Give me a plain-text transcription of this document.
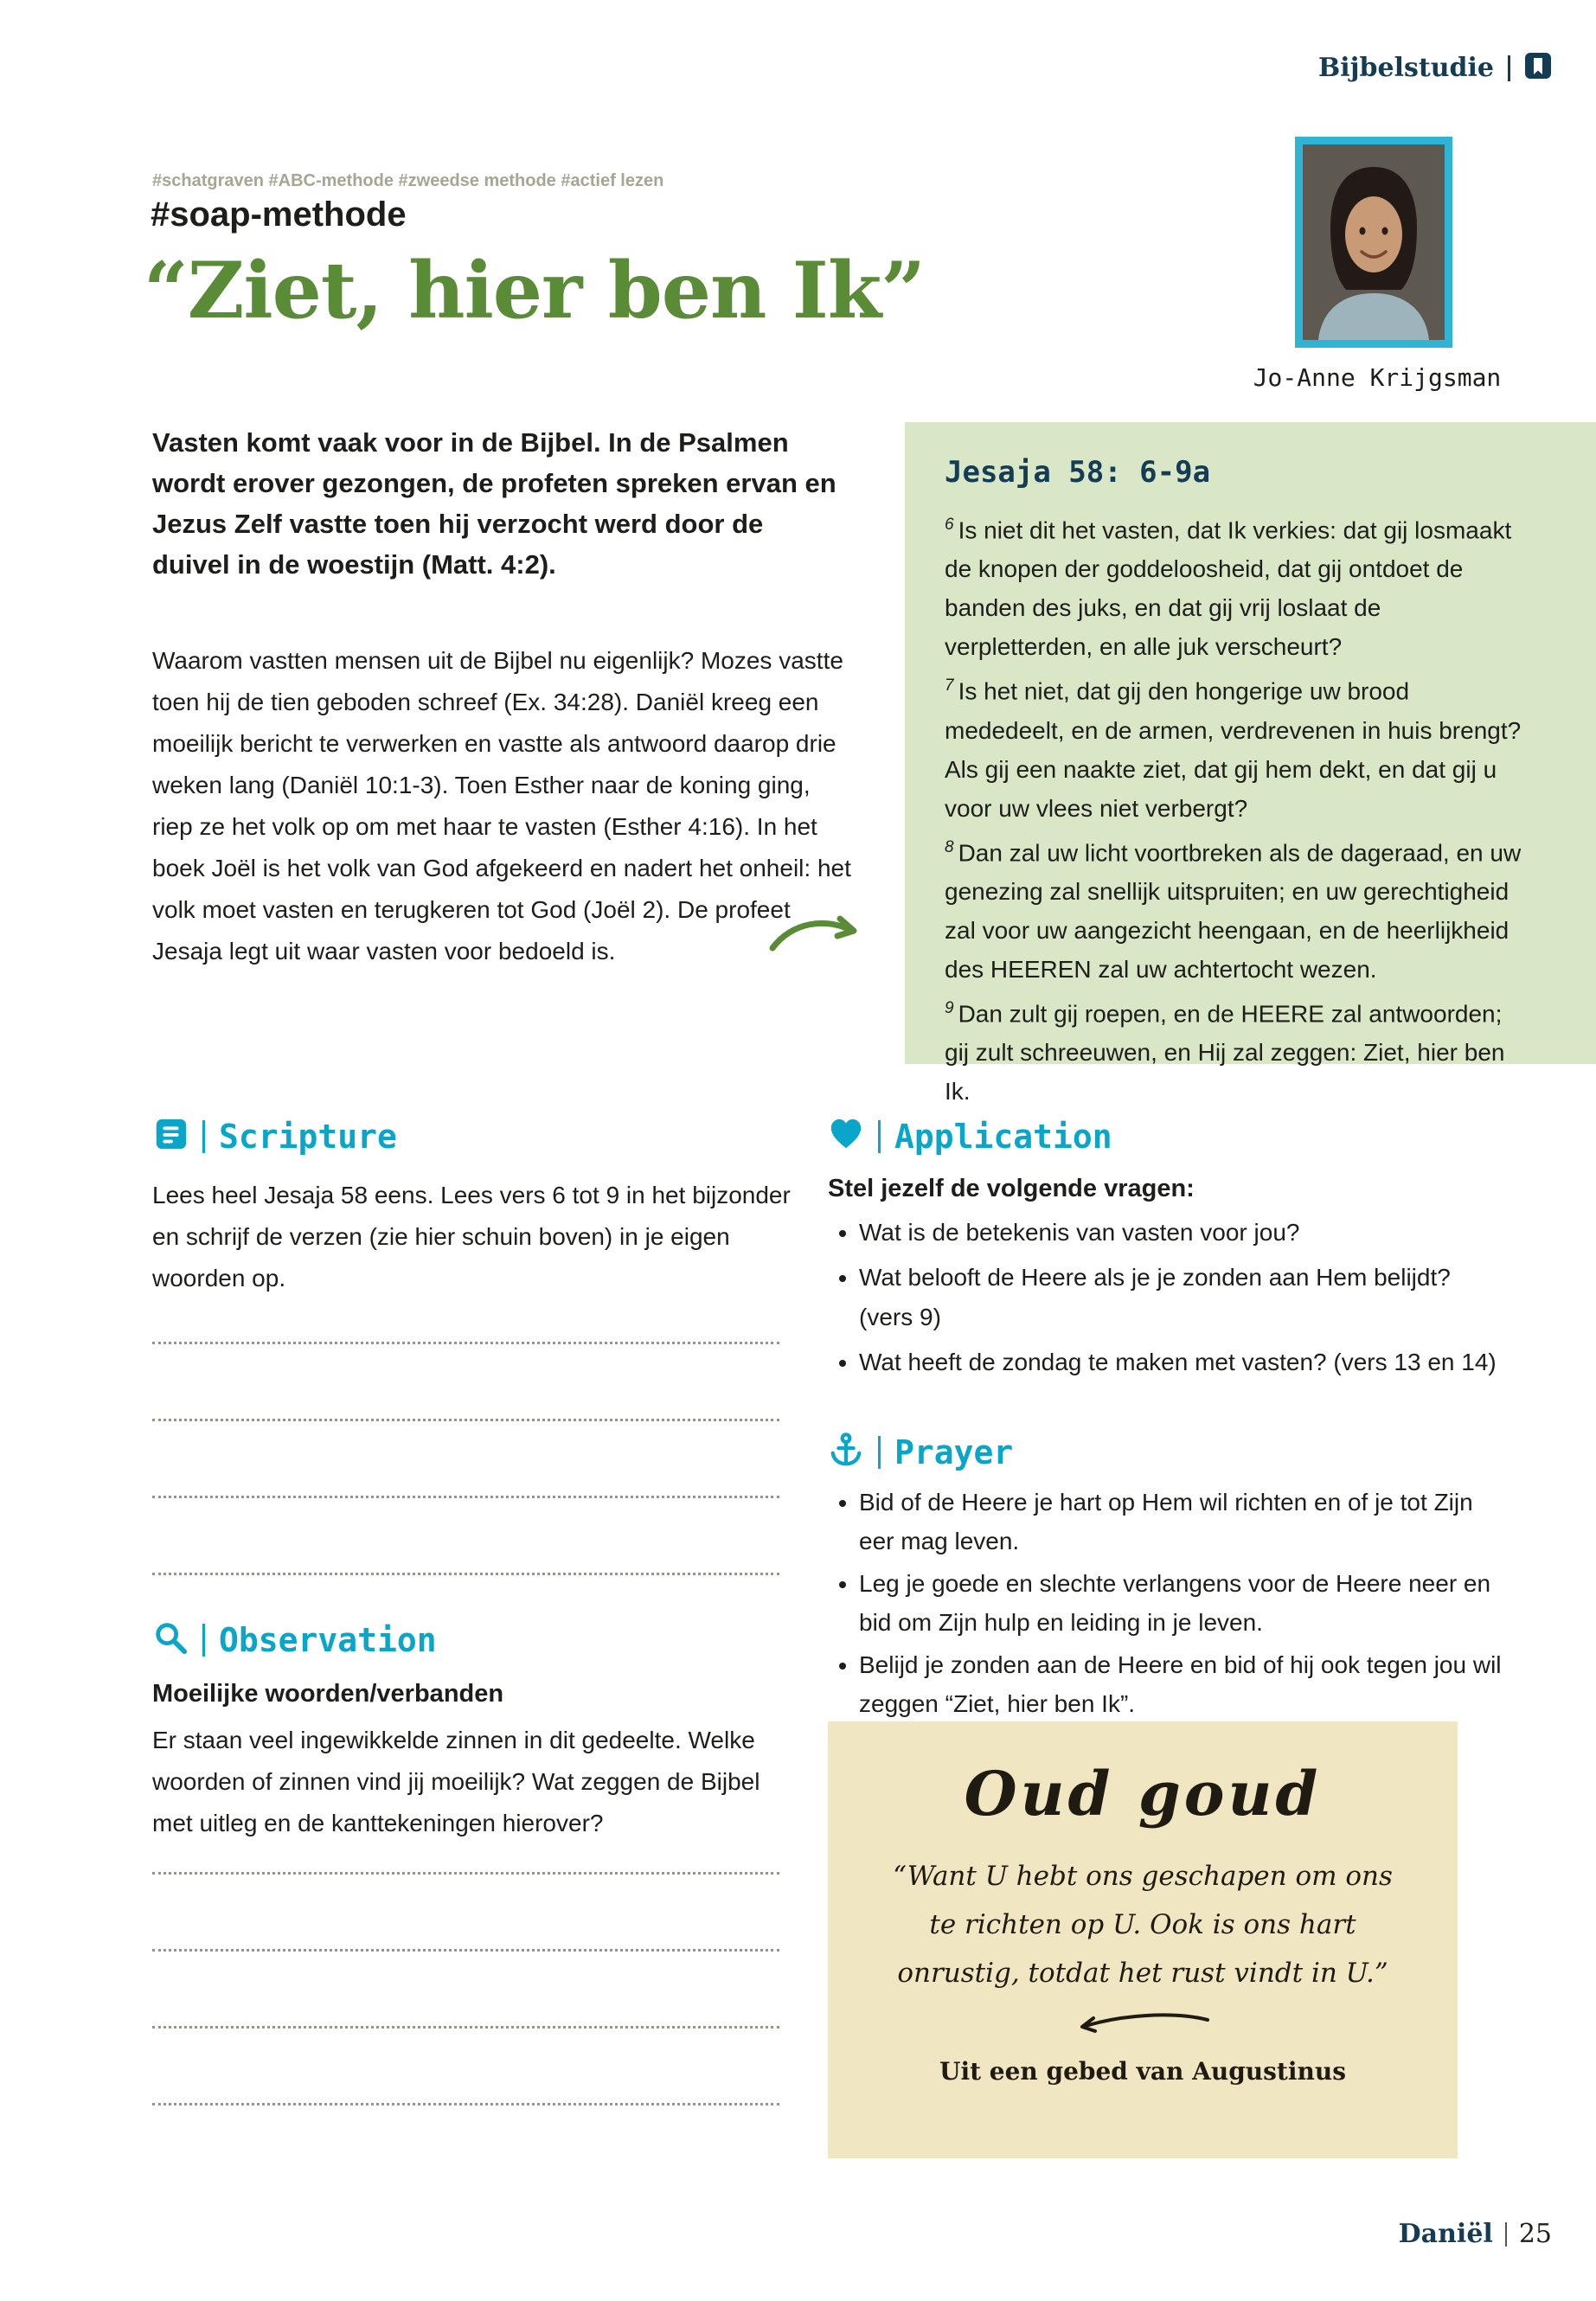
Bijbelstudie
#schatgraven #ABC-methode #zweedse methode #actief lezen
#soap-methode
“Ziet, hier ben Ik”
Jo-Anne Krijgsman

Vasten komt vaak voor in de Bijbel. In de Psalmen wordt erover gezongen, de profeten spreken ervan en Jezus Zelf vastte toen hij verzocht werd door de duivel in de woestijn (Matt. 4:2).

Waarom vastten mensen uit de Bijbel nu eigenlijk? Mozes vastte toen hij de tien geboden schreef (Ex. 34:28). Daniël kreeg een moeilijk bericht te verwerken en vastte als antwoord daarop drie weken lang (Daniël 10:1-3). Toen Esther naar de koning ging, riep ze het volk op om met haar te vasten (Esther 4:16). In het boek Joël is het volk van God afgekeerd en nadert het onheil: het volk moet vasten en terugkeren tot God (Joël 2). De profeet Jesaja legt uit waar vasten voor bedoeld is.

Jesaja 58: 6-9a

$^6$ Is niet dit het vasten, dat Ik verkies: dat gij losmaakt de knopen der goddeloosheid, dat gij ontdoet de banden des juks, en dat gij vrij loslaat de verpletterden, en alle juk verscheurt?

$^7$ Is het niet, dat gij den hongerige uw brood mededeelt, en de armen, verdrevenen in huis brengt? Als gij een naakte ziet, dat gij hem dekt, en dat gij u voor uw vlees niet verbergt?

$^8$ Dan zal uw licht voortbreken als de dageraad, en uw genezing zal snellijk uitspruiten; en uw gerechtigheid zal voor uw aangezicht heengaan, en de heerlijkheid des HEEREN zal uw achtertocht wezen.

$^9$ Dan zult gij roepen, en de HEERE zal antwoorden; gij zult schreeuwen, en Hij zal zeggen: Ziet, hier ben Ik.

Scripture

Lees heel Jesaja 58 eens. Lees vers 6 tot 9 in het bijzonder en schrijf de verzen (zie hier schuin boven) in je eigen woorden op.

Observation
Moeilijke woorden/verbanden

Er staan veel ingewikkelde zinnen in dit gedeelte. Welke woorden of zinnen vind jij moeilijk? Wat zeggen de Bijbel met uitleg en de kanttekeningen hierover?

Application
Stel jezelf de volgende vragen:
• Wat is de betekenis van vasten voor jou?
• Wat belooft de Heere als je je zonden aan Hem belijdt? (vers 9)
• Wat heeft de zondag te maken met vasten? (vers 13 en 14)
Prayer
• Bid of de Heere je hart op Hem wil richten en of je tot Zijn eer mag leven.
• Leg je goede en slechte verlangens voor de Heere neer en bid om Zijn hulp en leiding in je leven.
• Belijd je zonden aan de Heere en bid of hij ook tegen jou wil zeggen “Ziet, hier ben Ik”.
Oud goud
“Want U hebt ons geschapen om ons te richten op U. Ook is ons hart onrustig, totdat het rust vindt in U.”
Uit een gebed van Augustinus
Daniël 25
